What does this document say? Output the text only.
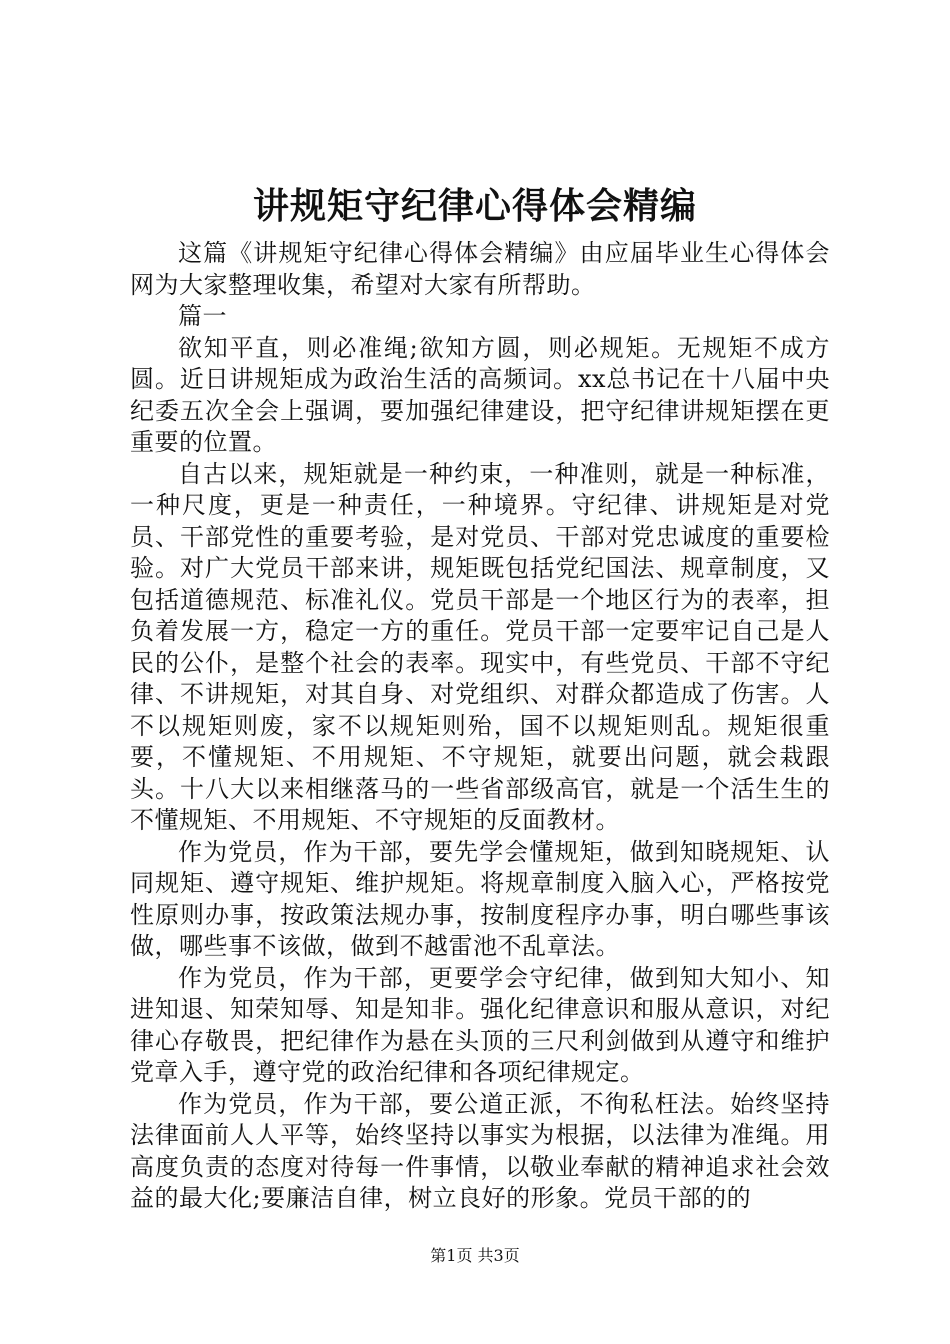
讲规矩守纪律心得体会精编

这篇《讲规矩守纪律心得体会精编》由应届毕业生心得体会网为大家整理收集，希望对大家有所帮助。

篇一

欲知平直，则必准绳;欲知方圆，则必规矩。无规矩不成方圆。近日讲规矩成为政治生活的高频词。xx总书记在十八届中央纪委五次全会上强调，要加强纪律建设，把守纪律讲规矩摆在更重要的位置。

自古以来，规矩就是一种约束，一种准则，就是一种标准，一种尺度，更是一种责任，一种境界。守纪律、讲规矩是对党员、干部党性的重要考验，是对党员、干部对党忠诚度的重要检验。对广大党员干部来讲，规矩既包括党纪国法、规章制度，又包括道德规范、标准礼仪。党员干部是一个地区行为的表率，担负着发展一方，稳定一方的重任。党员干部一定要牢记自己是人民的公仆，是整个社会的表率。现实中，有些党员、干部不守纪律、不讲规矩，对其自身、对党组织、对群众都造成了伤害。人不以规矩则废，家不以规矩则殆，国不以规矩则乱。规矩很重要，不懂规矩、不用规矩、不守规矩，就要出问题，就会栽跟头。十八大以来相继落马的一些省部级高官，就是一个活生生的不懂规矩、不用规矩、不守规矩的反面教材。

作为党员，作为干部，要先学会懂规矩，做到知晓规矩、认同规矩、遵守规矩、维护规矩。将规章制度入脑入心，严格按党性原则办事，按政策法规办事，按制度程序办事，明白哪些事该做，哪些事不该做，做到不越雷池不乱章法。

作为党员，作为干部，更要学会守纪律，做到知大知小、知进知退、知荣知辱、知是知非。强化纪律意识和服从意识，对纪律心存敬畏，把纪律作为悬在头顶的三尺利剑做到从遵守和维护党章入手，遵守党的政治纪律和各项纪律规定。

作为党员，作为干部，要公道正派，不徇私枉法。始终坚持法律面前人人平等，始终坚持以事实为根据，以法律为准绳。用高度负责的态度对待每一件事情，以敬业奉献的精神追求社会效益的最大化;要廉洁自律，树立良好的形象。党员干部的的

第1页 共3页
